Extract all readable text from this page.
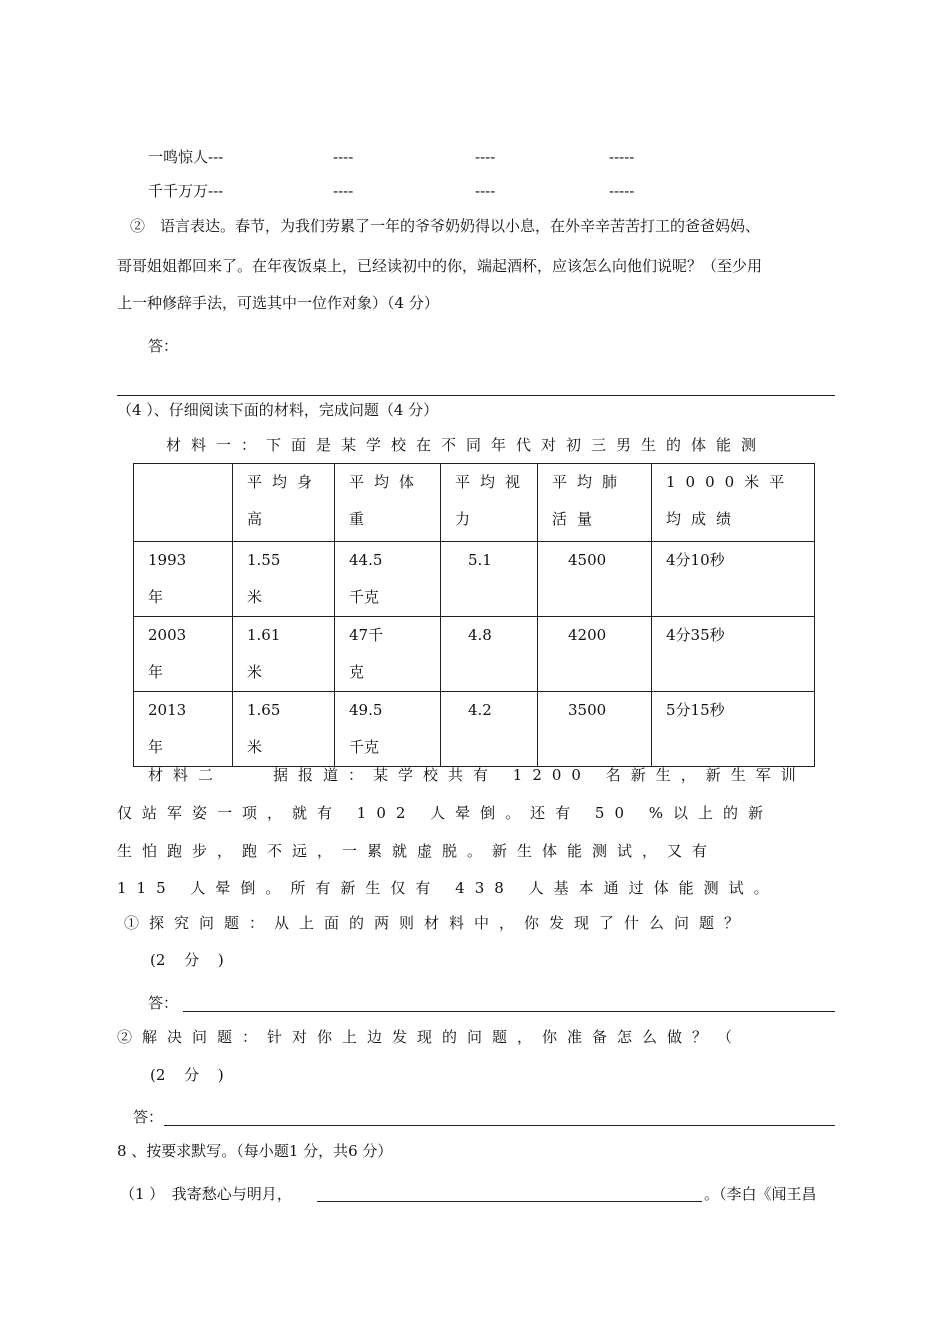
一鸣惊人---	----	----	-----
千千万万---	----	----	-----
②　语言表达。春节，为我们劳累了一年的爷爷奶奶得以小息，在外辛辛苦苦打工的爸爸妈妈、
哥哥姐姐都回来了。在年夜饭桌上，已经读初中的你，端起酒杯，应该怎么向他们说呢？（至少用
上一种修辞手法，可选其中一位作对象）（4 分）
答：
（4 ）、仔细阅读下面的材料，完成问题（4 分）
材料一：下面是某学校在不同年代对初三男生的体能测

	平均身高	平均体重	平均视力	平均肺活量	1000米平均成绩

1993年	1.55米	44.5千克	5.1	4500	4分10秒

2003年	1.61米	47千克	4.8	4200	4分35秒

2013年	1.65米	49.5千克	4.2	3500	5分15秒
材料二　　据报道：某学校共有 1200 名新生，新生军训
仅站军姿一项，就有 102 人晕倒。还有 50 %以上的新
生怕跑步，跑不远，一累就虚脱。新生体能测试，又有
115 人晕倒。所有新生仅有 438 人基本通过体能测试。
①探究问题：从上面的两则材料中，你发现了什么问题？
(2 分 )
答：
②解决问题：针对你上边发现的问题，你准备怎么做？（
(2 分 )
答：
8 、按要求默写。（每小题1 分，共6 分）
（1 ）　我寄愁心与明月，	。（李白《闻王昌
